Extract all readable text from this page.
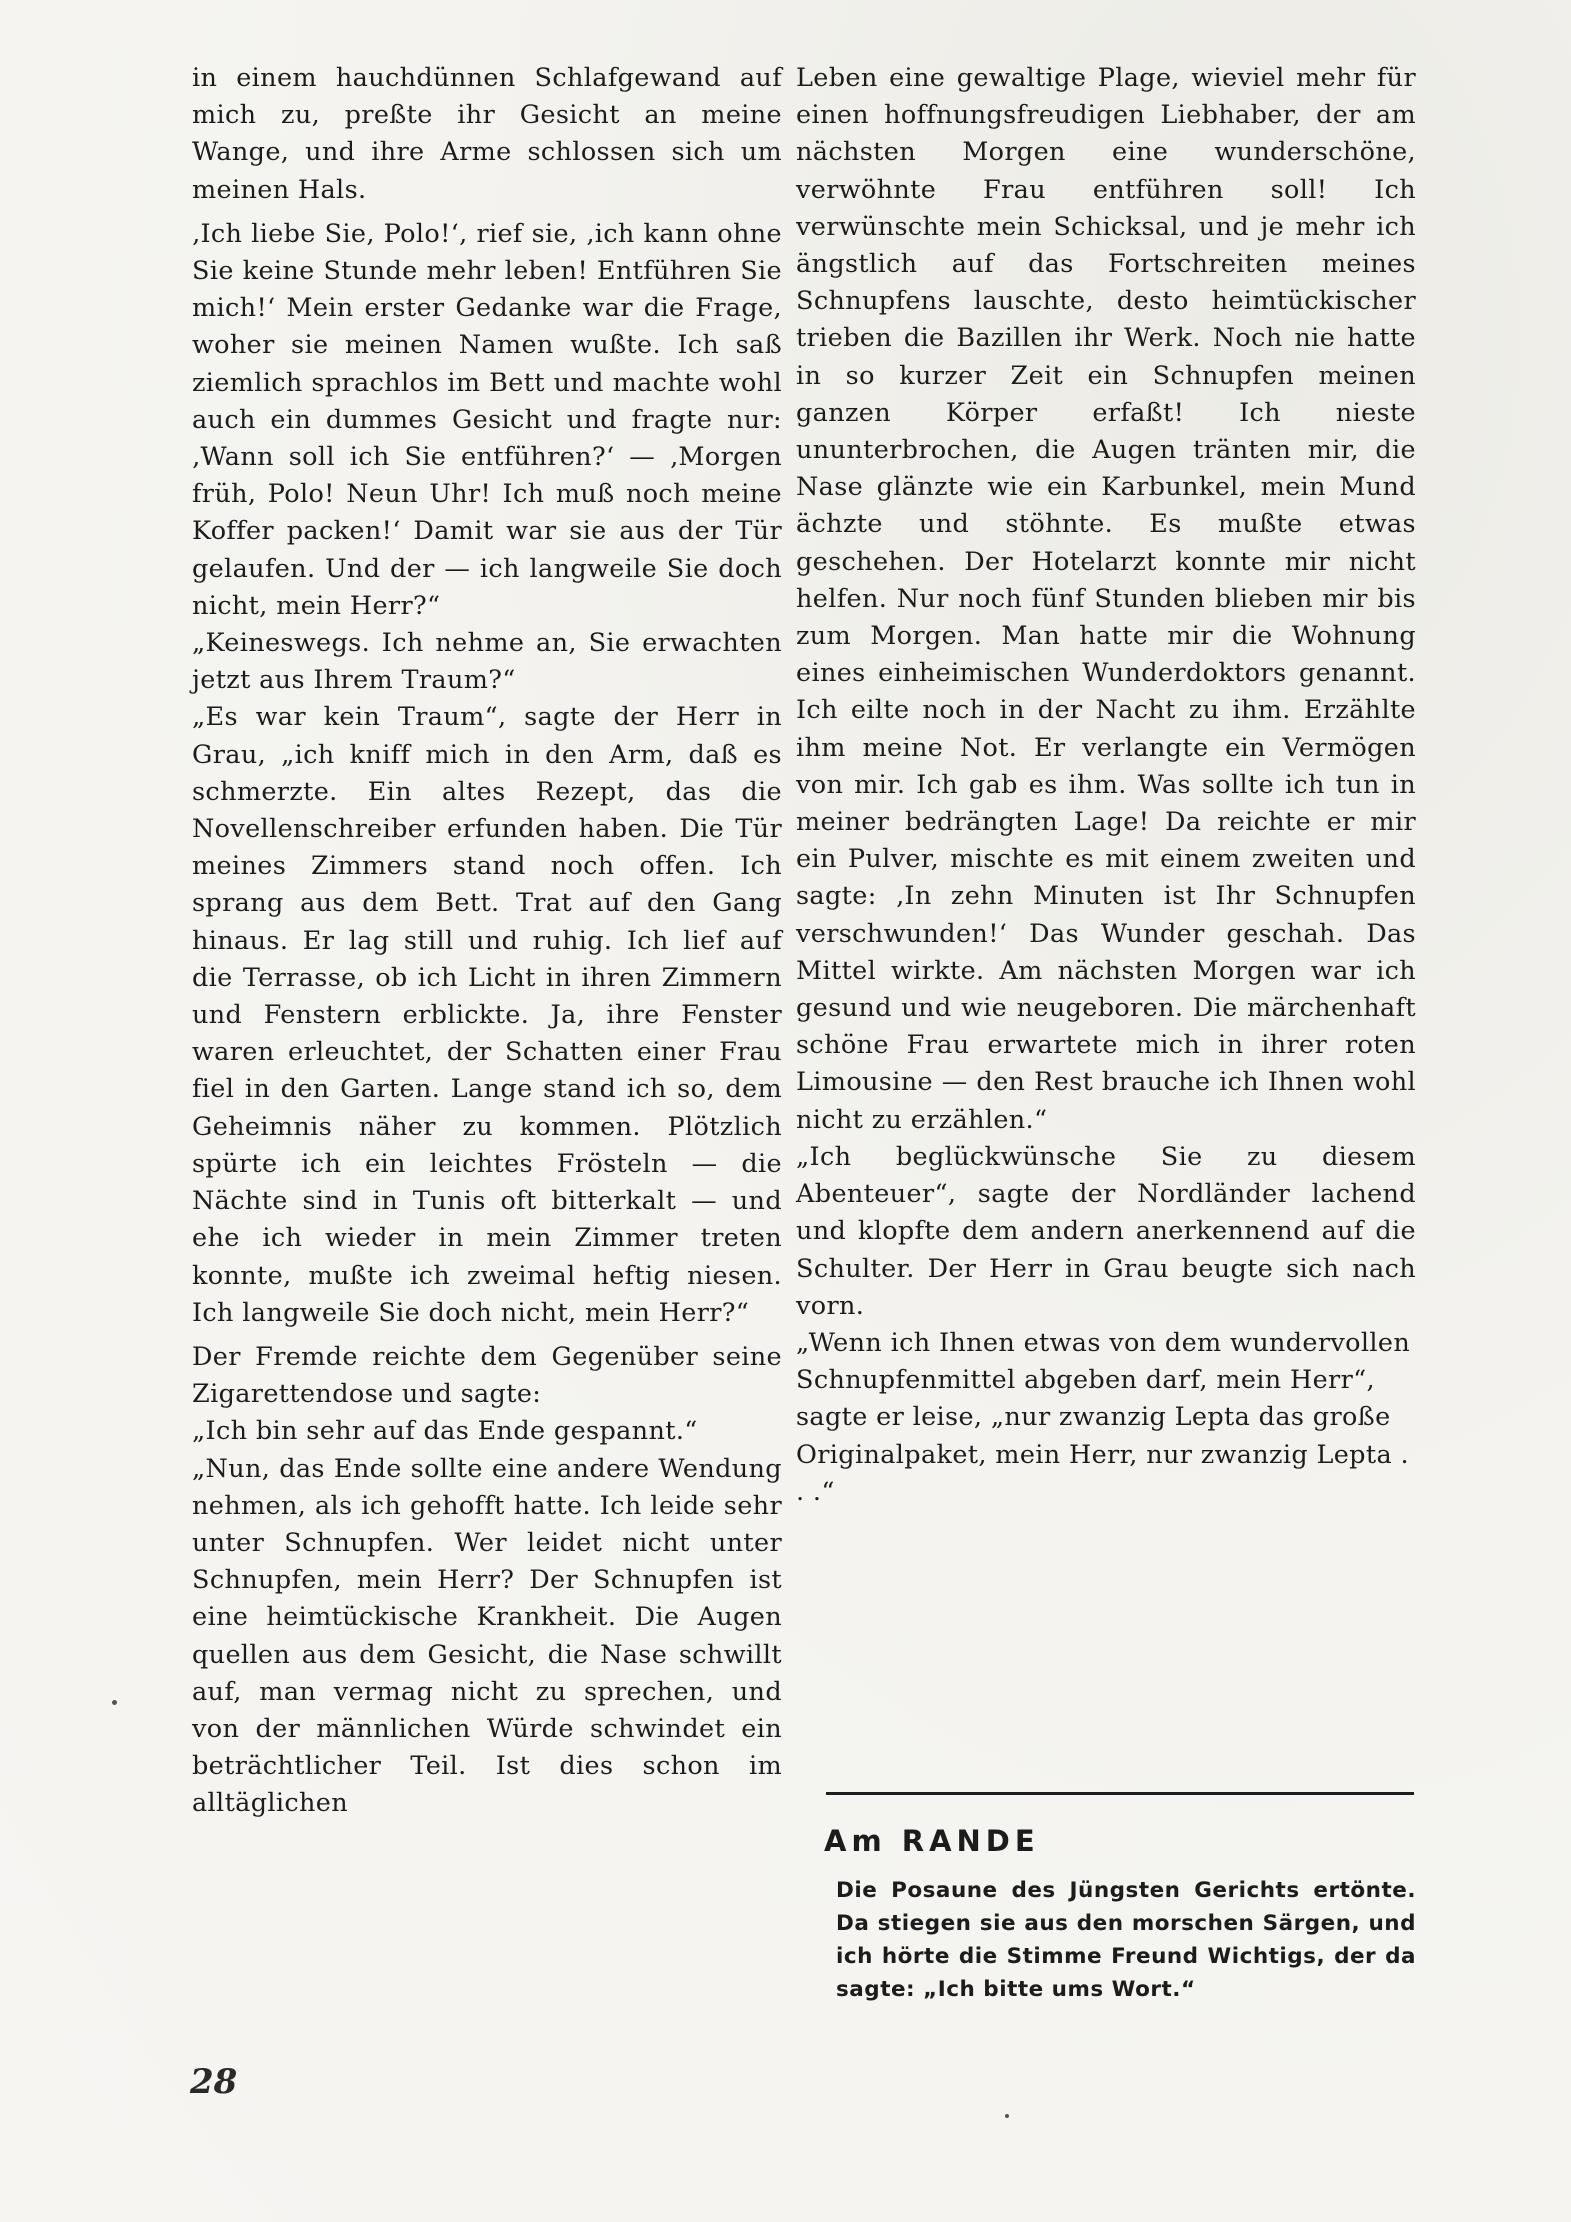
in einem hauchdünnen Schlafgewand auf mich zu, preßte ihr Gesicht an meine Wange, und ihre Arme schlossen sich um meinen Hals.

‚Ich liebe Sie, Polo!‘, rief sie, ‚ich kann ohne Sie keine Stunde mehr leben! Entführen Sie mich!‘ Mein erster Gedanke war die Frage, woher sie meinen Namen wußte. Ich saß ziemlich sprachlos im Bett und machte wohl auch ein dummes Gesicht und fragte nur: ‚Wann soll ich Sie entführen?‘ — ‚Morgen früh, Polo! Neun Uhr! Ich muß noch meine Koffer packen!‘ Damit war sie aus der Tür gelaufen. Und der — ich langweile Sie doch nicht, mein Herr?“

„Keineswegs. Ich nehme an, Sie erwachten jetzt aus Ihrem Traum?“

„Es war kein Traum“, sagte der Herr in Grau, „ich kniff mich in den Arm, daß es schmerzte. Ein altes Rezept, das die Novellenschreiber erfunden haben. Die Tür meines Zimmers stand noch offen. Ich sprang aus dem Bett. Trat auf den Gang hinaus. Er lag still und ruhig. Ich lief auf die Terrasse, ob ich Licht in ihren Zimmern und Fenstern erblickte. Ja, ihre Fenster waren erleuchtet, der Schatten einer Frau fiel in den Garten. Lange stand ich so, dem Geheimnis näher zu kommen. Plötzlich spürte ich ein leichtes Frösteln — die Nächte sind in Tunis oft bitterkalt — und ehe ich wieder in mein Zimmer treten konnte, mußte ich zweimal heftig niesen. Ich langweile Sie doch nicht, mein Herr?“

Der Fremde reichte dem Gegenüber seine Zigarettendose und sagte:

„Ich bin sehr auf das Ende gespannt.“

„Nun, das Ende sollte eine andere Wendung nehmen, als ich gehofft hatte. Ich leide sehr unter Schnupfen. Wer leidet nicht unter Schnupfen, mein Herr? Der Schnupfen ist eine heimtückische Krankheit. Die Augen quellen aus dem Gesicht, die Nase schwillt auf, man vermag nicht zu sprechen, und von der männlichen Würde schwindet ein beträchtlicher Teil. Ist dies schon im alltäglichen

Leben eine gewaltige Plage, wieviel mehr für einen hoffnungsfreudigen Liebhaber, der am nächsten Morgen eine wunderschöne, verwöhnte Frau entführen soll! Ich verwünschte mein Schicksal, und je mehr ich ängstlich auf das Fortschreiten meines Schnupfens lauschte, desto heimtückischer trieben die Bazillen ihr Werk. Noch nie hatte in so kurzer Zeit ein Schnupfen meinen ganzen Körper erfaßt! Ich nieste ununterbrochen, die Augen tränten mir, die Nase glänzte wie ein Karbunkel, mein Mund ächzte und stöhnte. Es mußte etwas geschehen. Der Hotelarzt konnte mir nicht helfen. Nur noch fünf Stunden blieben mir bis zum Morgen. Man hatte mir die Wohnung eines einheimischen Wunderdoktors genannt. Ich eilte noch in der Nacht zu ihm. Erzählte ihm meine Not. Er verlangte ein Vermögen von mir. Ich gab es ihm. Was sollte ich tun in meiner bedrängten Lage! Da reichte er mir ein Pulver, mischte es mit einem zweiten und sagte: ‚In zehn Minuten ist Ihr Schnupfen verschwunden!‘ Das Wunder geschah. Das Mittel wirkte. Am nächsten Morgen war ich gesund und wie neugeboren. Die märchenhaft schöne Frau erwartete mich in ihrer roten Limousine — den Rest brauche ich Ihnen wohl nicht zu erzählen.“

„Ich beglückwünsche Sie zu diesem Abenteuer“, sagte der Nordländer lachend und klopfte dem andern anerkennend auf die Schulter. Der Herr in Grau beugte sich nach vorn.

„Wenn ich Ihnen etwas von dem wundervollen Schnupfenmittel abgeben darf, mein Herr“, sagte er leise, „nur zwanzig Lepta das große Originalpaket, mein Herr, nur zwanzig Lepta . . .“

Am RANDE

Die Posaune des Jüngsten Gerichts ertönte. Da stiegen sie aus den morschen Särgen, und ich hörte die Stimme Freund Wichtigs, der da sagte: „Ich bitte ums Wort.“

28
